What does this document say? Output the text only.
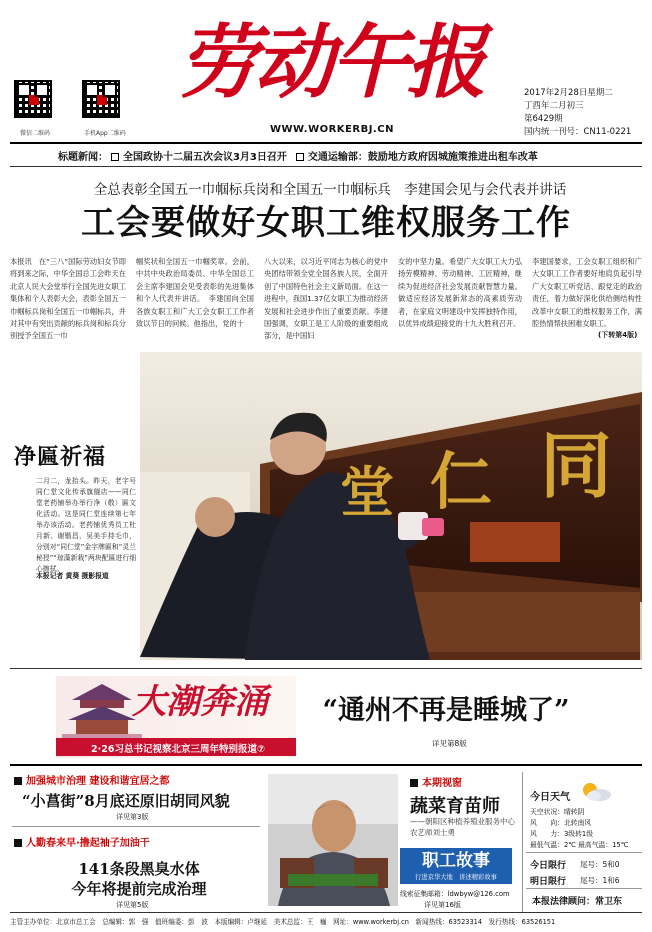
微信二维码	手机App二维码
劳动午报
WWW.WORKERBJ.CN
2017年2月28日星期二
丁酉年二月初三
第6429期
国内统一刊号：CN11-0221
标题新闻： 全国政协十二届五次会议3月3日召开 交通运输部：鼓励地方政府因城施策推进出租车改革
全总表彰全国五一巾帼标兵岗和全国五一巾帼标兵　李建国会见与会代表并讲话
工会要做好女职工维权服务工作
本报讯　在“三八”国际劳动妇女节即将到来之际，中华全国总工会昨天在北京人民大会堂举行全国先进女职工集体和个人表彰大会，表彰全国五一巾帼标兵岗和全国五一巾帼标兵，并对其中有突出贡献的标兵岗和标兵分别授予全国五一巾
帼奖状和全国五一巾帼奖章。会前，中共中央政治局委员、中华全国总工会主席李建国会见受表彰的先进集体和个人代表并讲话。　李建国向全国各族女职工和广大工会女职工工作者致以节日的问候。他指出，党的十
八大以来，以习近平同志为核心的党中央团结带领全党全国各族人民，全面开创了中国特色社会主义新局面。在这一进程中，我国1.37亿女职工为推动经济发展和社会进步作出了重要贡献。李建国强调，女职工是工人阶级的重要组成部分，是中国妇
女的中坚力量。希望广大女职工大力弘扬劳模精神、劳动精神、工匠精神，继续为促进经济社会发展贡献智慧力量。做适应经济发展新常态的高素质劳动者，在家庭文明建设中发挥独特作用，以优异成绩迎接党的十九大胜利召开。
李建国要求，工会女职工组织和广大女职工工作者要好地肩负起引导广大女职工听党话、跟党走的政治责任，着力做好深化供给侧结构性改革中女职工的维权服务工作，满腔热情帮扶困难女职工。
(下转第4版)
同
仁
堂
净匾祈福
二月二，龙抬头。昨天，老字号同仁堂文化传承旗舰店——同仁堂老药铺举办举行净（敬）匾文化活动。这是同仁堂连续第七年举办该活动。老药铺优秀员工杜月新、谢锴昌、吴美手持毛巾，分别对“同仁堂”金字牌匾和“灵兰秘授”“琼藻新栽”两块配匾进行细心擦拭。
本报记者 黄葵 摄影报道
大潮奔涌
2·26习总书记视察北京三周年特别报道⑦
“通州不再是睡城了”
详见第8版
加强城市治理 建设和谐宜居之都
“小菖街”8月底还原旧胡同风貌
详见第3版
人勤春来早·撸起袖子加油干
141条段黑臭水体
今年将提前完成治理
详见第5版
本期视窗
蔬菜育苗师
——朝阳区种植养殖业服务中心农艺师刘士勇
职工故事
行进京华大地　讲述精彩故事
线索征集邮箱：ldwbyw@126.com
详见第16版
今日天气
天空状况：晴转阴
风　　向：北转南风
风　　力：3级转1级
最低气温：2℃ 最高气温：15℃
今日限行 尾号：5和0
明日限行 尾号：1和6
本报法律顾问：常卫东
主管主办单位：北京市总工会　总编辑：郭　强　值班编委：彭　波　本版编辑：卢继延　美术总监：王　巍　网址：www.workerbj.cn　新闻热线：63523314　发行热线：63526151
